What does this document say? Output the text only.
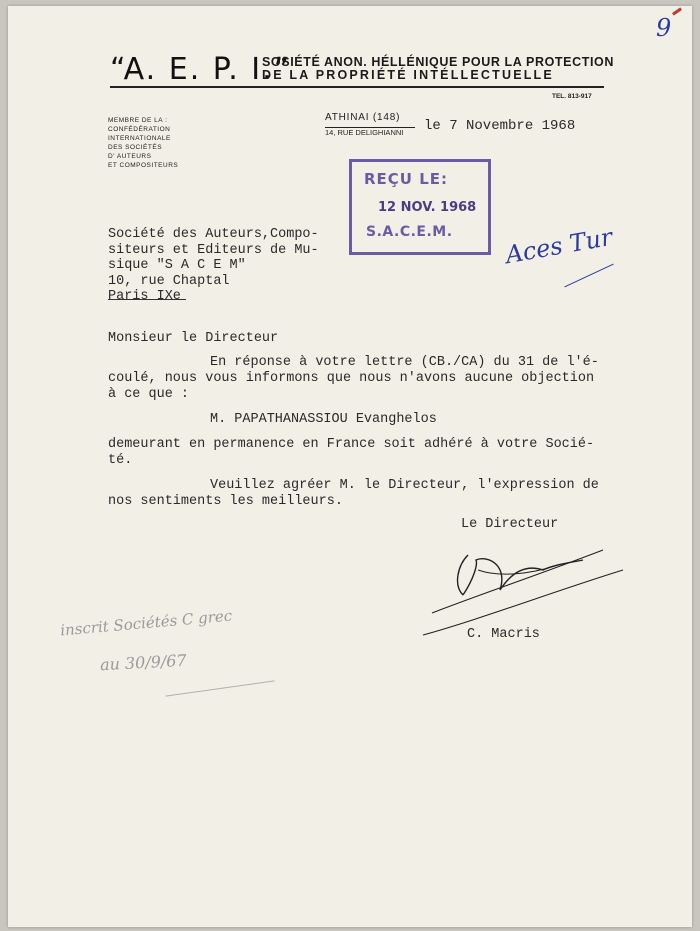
9
“A. E. P. I.”
SOSIÉTÉ ANON. HÉLLÉNIQUE POUR LA PROTECTION
DE LA PROPRIÉTÉ INTÉLLECTUELLE
TEL. 813-917
MEMBRE DE LA :
CONFÉDÉRATION
INTERNATIONALE
DES SOCIÉTÉS
D' AUTEURS
ET COMPOSITEURS
ATHINAI (148)
14, RUE DELIGHIANNI le 7 Novembre 1968
REÇU LE:
12 NOV. 1968
S.A.C.E.M.
Société des Auteurs,Compo-
siteurs et Editeurs de Mu-
sique "S A C E M"
10, rue Chaptal
Paris IXe
Aces Tur
Monsieur le Directeur
En réponse à votre lettre (CB./CA) du 31 de l'é-
coulé, nous vous informons que nous n'avons aucune objection
à ce que :
M. PAPATHANASSIOU Evanghelos
demeurant en permanence en France soit adhéré à votre Socié-
té.
Veuillez agréer M. le Directeur, l'expression de
nos sentiments les meilleurs.
Le Directeur
C. Macris
inscrit Sociétés C grec
au 30/9/67
